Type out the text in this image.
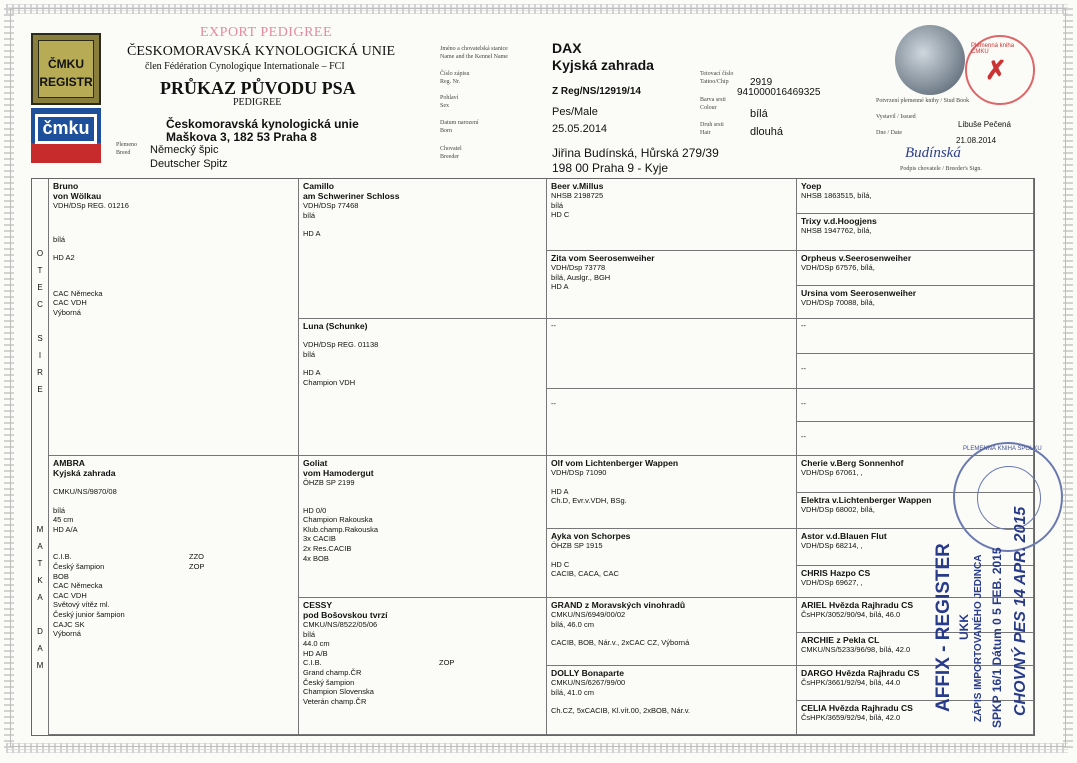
ČMKU
REGISTR
čmku
EXPORT PEDIGREE
ČESKOMORAVSKÁ KYNOLOGICKÁ UNIE
člen Fédération Cynologique Internationale – FCI
PRŮKAZ PŮVODU PSA
PEDIGREE
Českomoravská kynologická unie
Maškova 3, 182 53 Praha 8
Plemeno
Breed Německý špic
Deutscher Spitz
Jméno a chovatelská stanice
Name and the Kennel Name
DAX
Kyjská zahrada
Číslo zápisu
Reg. Nr.
Z Reg/NS/12919/14
Pohlaví
Sex	Pes/Male
Datum narození
Born	25.05.2014
Chovatel
Breeder	Jiřina Budínská, Hůrská 279/39
198 00 Praha 9 - Kyje
Tetovací číslo
Tattoo/Chip 2919
941000016469325
Barva srsti
Colour	bílá
Druh srsti
Hair	dlouhá
✗
Plemenná kniha ČMKU
Potvrzení plemenné knihy / Stud Book
Vystavil / Issued
Libuše Pečená
Dne / Date
21.08.2014
Budínská
Podpis chovatele / Breeder's Sign.
O
T
E
C

S
I
R
E
M
A
T
K
A

D
A
M
Bruno
von Wölkau
VDH/DSp REG. 01216
bílá
HD A2
CAC Německa
CAC VDH
Výborná
AMBRA
Kyjská zahrada
CMKU/NS/9870/08
bílá
45 cm
HD A/A
C.I.B.	ZZO
Český šampion	ZOP
BOB
CAC Německa
CAC VDH
Světový vítěz ml.
Český junior šampion
CAJC SK
Výborná
Camillo
am Schweriner Schloss
VDH/DSp 77468
bílá
HD A
Luna (Schunke)
VDH/DSp REG. 01138
bílá
HD A
Champion VDH
Goliat
vom Hamodergut
ÖHZB SP 2199
HD 0/0
Champion Rakouska
Klub.champ.Rakouska
3x CACIB
2x Res.CACIB
4x BOB
CESSY
pod Bošovskou tvrzí
CMKU/NS/8522/05/06
bílá
44.0 cm
HD A/B
C.I.B.	ZOP
Grand champ.ČR
Český šampion
Champion Slovenska
Veterán champ.ČR
Beer v.Millus
NHSB 2198725
bílá
HD C
Zita vom Seerosenweiher
VDH/Dsp 73778
bílá, Auslgr., BGH
HD A
--
--
Olf vom Lichtenberger Wappen
VDH/DSp 71090
HD A
Ch.D, Evr.v.VDH, BSg.
Ayka von Schorpes
ÖHZB SP 1915
HD C
CACIB, CACA, CAC
GRAND z Moravských vinohradů
CMKU/NS/6949/00/02
bílá, 46.0 cm
CACIB, BOB, Nár.v., 2xCAC CZ, Výborná
DOLLY Bonaparte
CMKU/NS/6267/99/00
bílá, 41.0 cm
Ch.CZ, 5xCACIB, Kl.vít.00, 2xBOB, Nár.v.
Yoep
NHSB 1863515, bílá,
Trixy v.d.Hoogjens
NHSB 1947762, bílá,
Orpheus v.Seerosenweiher
VDH/DSp 67576, bílá,
Ursina vom Seerosenweiher
VDH/DSp 70088, bílá,
--
--
--
--
Cherie v.Berg Sonnenhof
VDH/DSp 67061, ,
Elektra v.Lichtenberger Wappen
VDH/DSp 68002, bílá,
Astor v.d.Blauen Flut
VDH/DSp 68214, ,
CHRIS Hazpo CS
VDH/DSp 69627, ,
ARIEL Hvězda Rajhradu CS
ČsHPK/3052/90/94, bílá, 46.0
ARCHIE z Pekla CL
CMKU/NS/5233/96/98, bílá, 42.0
DARGO Hvězda Rajhradu CS
ČsHPK/3661/92/94, bílá, 44.0
CELIA Hvězda Rajhradu CS
ČsHPK/3659/92/94, bílá, 42.0
PLEMENNÁ KNIHA SPOLKU
AFFIX - REGISTER UKK ZÁPIS IMPORTOVANÉHO JEDINCA SPKP 16/1 Dátum 0 5 FEB. 2015 CHOVNÝ PES 14 APR. 2015
